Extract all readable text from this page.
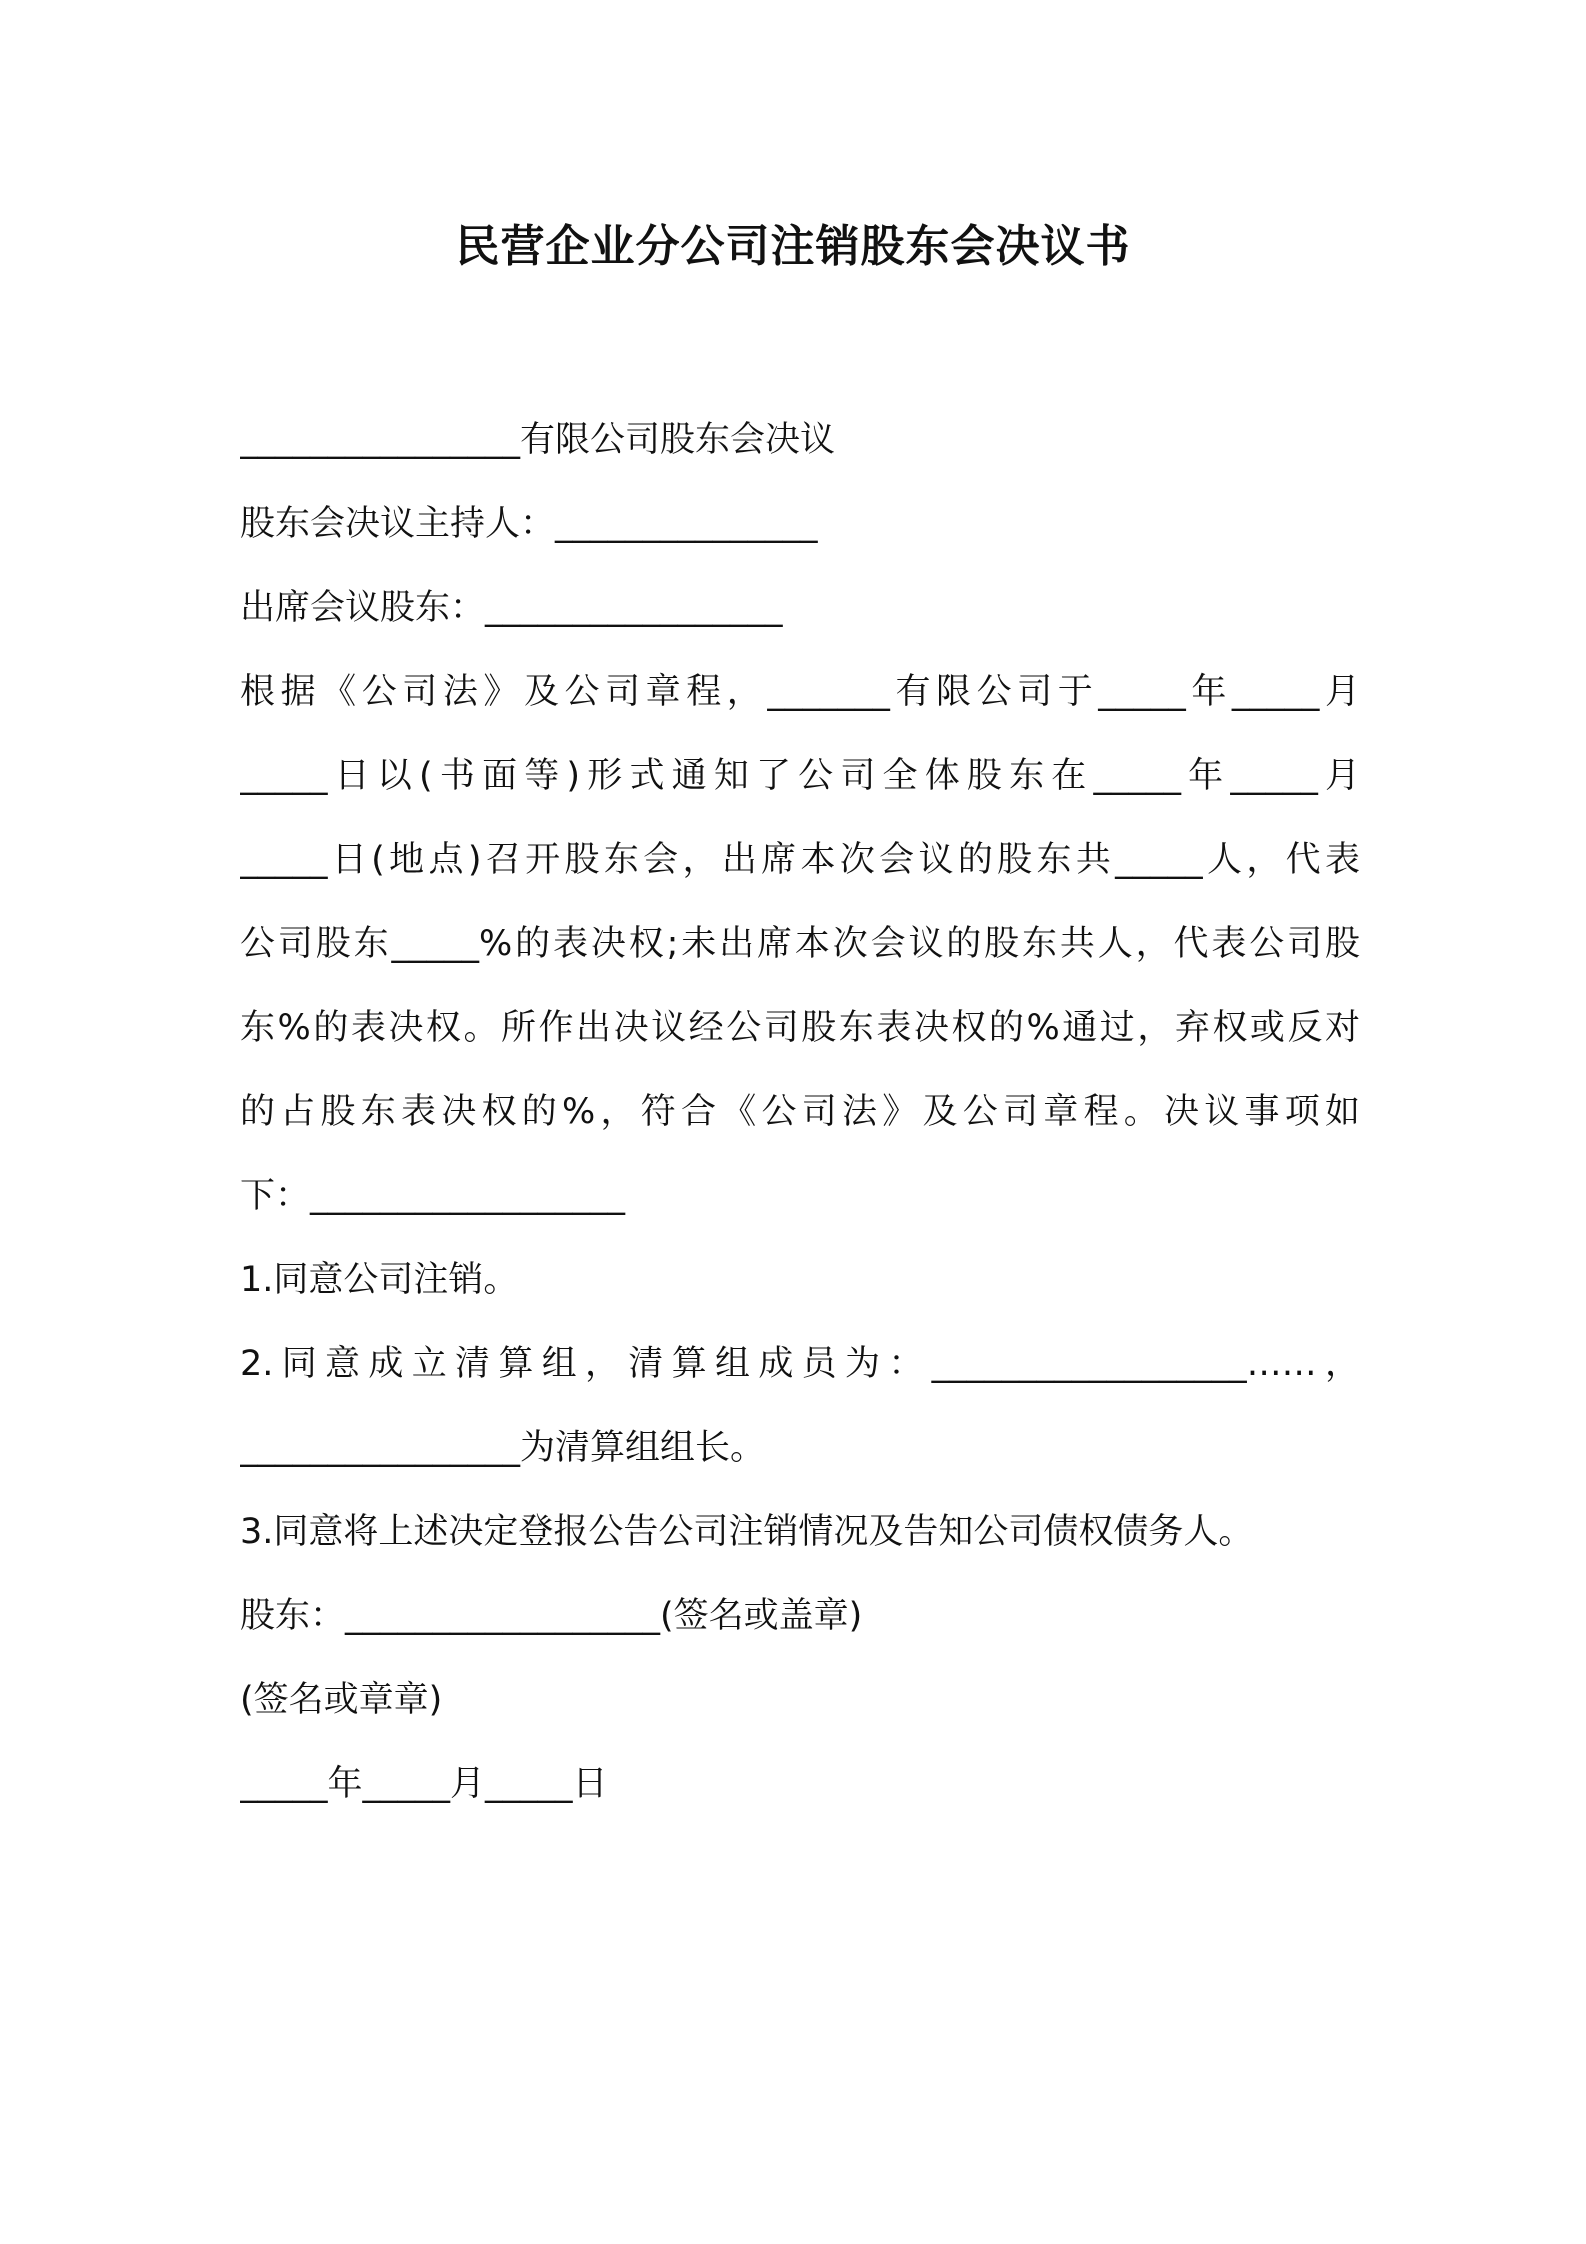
民营企业分公司注销股东会决议书
________________有限公司股东会决议
股东会决议主持人：_______________
出席会议股东：_________________
根据《公司法》及公司章程，_______有限公司于_____年_____月
_____日以(书面等)形式通知了公司全体股东在_____年_____月
_____日(地点)召开股东会，出席本次会议的股东共_____人，代表
公司股东_____%的表决权;未出席本次会议的股东共人，代表公司股
东%的表决权。所作出决议经公司股东表决权的%通过，弃权或反对
的占股东表决权的%，符合《公司法》及公司章程。决议事项如
下：__________________
1.同意公司注销。
2.同意成立清算组，清算组成员为：__________________……，
________________为清算组组长。
3.同意将上述决定登报公告公司注销情况及告知公司债权债务人。
股东：__________________(签名或盖章)
(签名或章章)
_____年_____月_____日
